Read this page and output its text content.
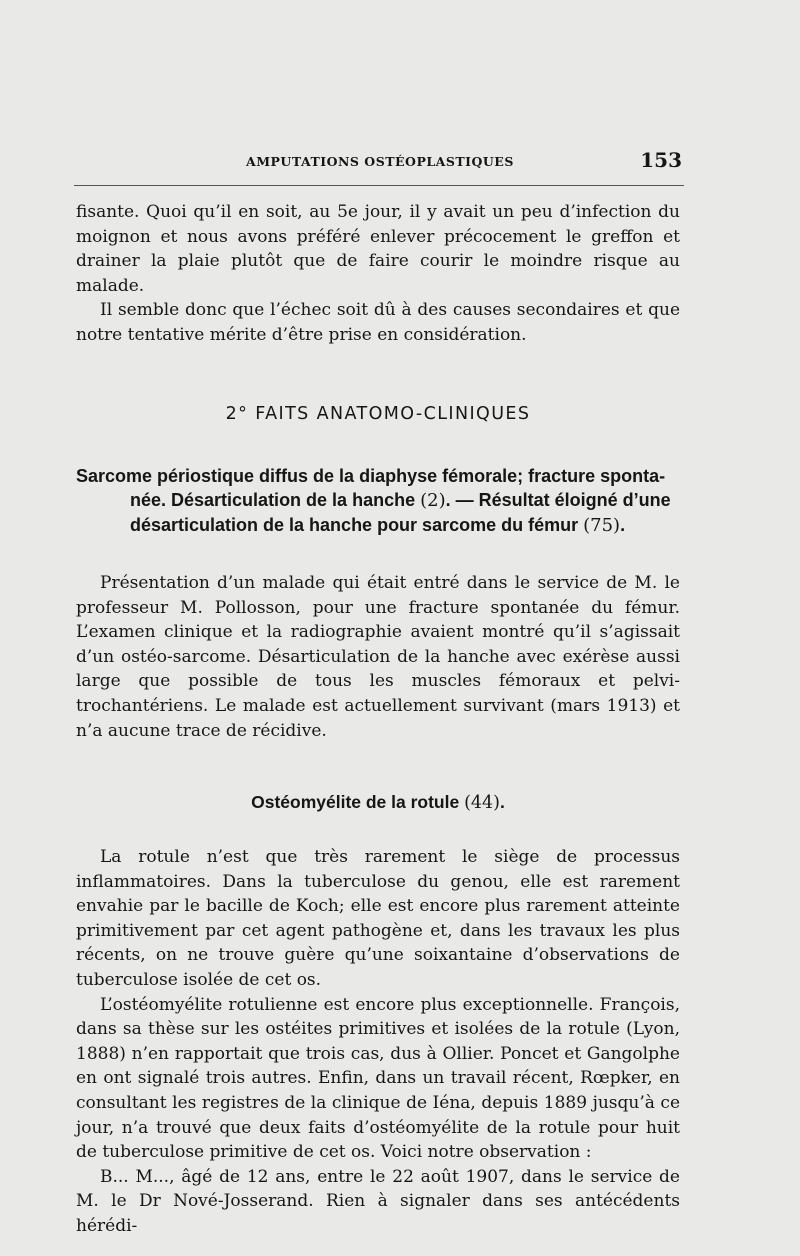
AMPUTATIONS OSTÉOPLASTIQUES	153

fisante. Quoi qu’il en soit, au 5e jour, il y avait un peu d’infection du moignon et nous avons préféré enlever précocement le greffon et drainer la plaie plutôt que de faire courir le moindre risque au malade.

Il semble donc que l’échec soit dû à des causes secondaires et que notre tentative mérite d’être prise en considération.

2° FAITS ANATOMO-CLINIQUES
Sarcome périostique diffus de la diaphyse fémorale; fracture sponta-
née. Désarticulation de la hanche (2). — Résultat éloigné d’une
désarticulation de la hanche pour sarcome du fémur (75).

Présentation d’un malade qui était entré dans le service de M. le professeur M. Pollosson, pour une fracture spontanée du fémur. L’examen clinique et la radiographie avaient montré qu’il s’agissait d’un ostéo-sarcome. Désarticulation de la hanche avec exérèse aussi large que possible de tous les muscles fémoraux et pelvi-trochantériens. Le malade est actuellement survivant (mars 1913) et n’a aucune trace de récidive.

Ostéomyélite de la rotule (44).

La rotule n’est que très rarement le siège de processus inflammatoires. Dans la tuberculose du genou, elle est rarement envahie par le bacille de Koch; elle est encore plus rarement atteinte primitivement par cet agent pathogène et, dans les travaux les plus récents, on ne trouve guère qu’une soixantaine d’observations de tuberculose isolée de cet os.

L’ostéomyélite rotulienne est encore plus exceptionnelle. François, dans sa thèse sur les ostéites primitives et isolées de la rotule (Lyon, 1888) n’en rapportait que trois cas, dus à Ollier. Poncet et Gangolphe en ont signalé trois autres. Enfin, dans un travail récent, Rœpker, en consultant les registres de la clinique de Iéna, depuis 1889 jusqu’à ce jour, n’a trouvé que deux faits d’ostéomyélite de la rotule pour huit de tuberculose primitive de cet os. Voici notre observation :

B... M..., âgé de 12 ans, entre le 22 août 1907, dans le service de M. le Dr Nové-Josserand. Rien à signaler dans ses antécédents hérédi-
